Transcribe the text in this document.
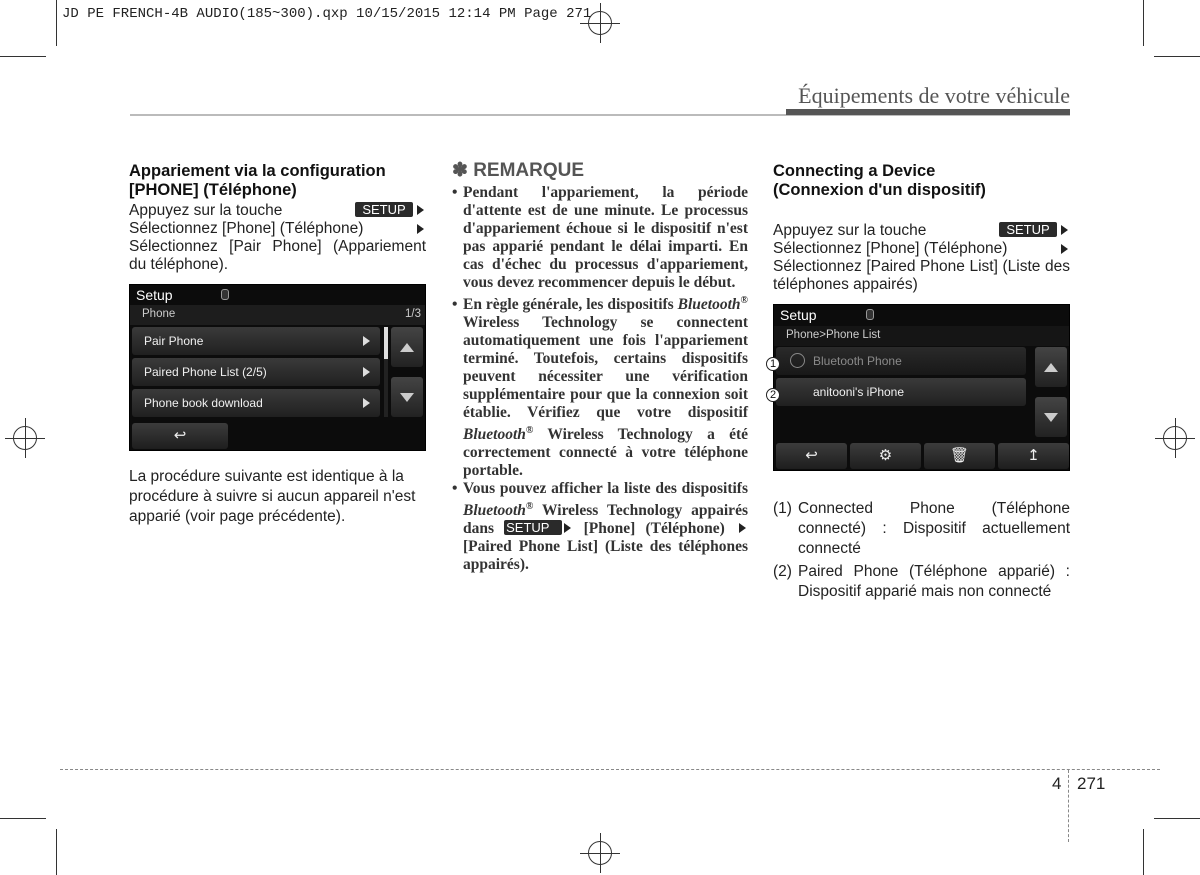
JD PE FRENCH-4B AUDIO(185~300).qxp 10/15/2015 12:14 PM Page 271
Équipements de votre véhicule
Appariement via la configuration
[PHONE] (Téléphone)
Appuyez sur la touche	SETUP
Sélectionnez [Phone] (Téléphone)
Sélectionnez [Pair Phone] (Appariement du téléphone).
Setup
Phone	1/3
Pair Phone
Paired Phone List (2/5)
Phone book download
↩
La procédure suivante est identique à la procédure à suivre si aucun appareil n'est apparié (voir page précédente).
✽ REMARQUE
• Pendant l'appariement, la période d'attente est de une minute. Le processus d'appariement échoue si le dispositif n'est pas apparié pendant le délai imparti. En cas d'échec du processus d'appariement, vous devez recommencer depuis le début.
• En règle générale, les dispositifs Bluetooth® Wireless Technology se connectent automatiquement une fois l'appariement terminé. Toutefois, certains dispositifs peuvent nécessiter une vérification supplémentaire pour que la connexion soit établie. Vérifiez que votre dispositif Bluetooth® Wireless Technology a été correctement connecté à votre téléphone portable.
• Vous pouvez afficher la liste des dispositifs Bluetooth® Wireless Technology appairés dans SETUP [Phone] (Téléphone)  [Paired Phone List] (Liste des téléphones appairés).
Connecting a Device
(Connexion d'un dispositif)
Appuyez sur la touche	SETUP
Sélectionnez [Phone] (Téléphone)
Sélectionnez [Paired Phone List] (Liste des téléphones appairés)
Setup
Phone>Phone List
Bluetooth Phone
anitooni's iPhone
1
2
↩	⚙	🗑	↥
(1) Connected Phone (Téléphone connecté) : Dispositif actuellement connecté
(2) Paired Phone (Téléphone apparié) : Dispositif apparié mais non connecté
4 271
